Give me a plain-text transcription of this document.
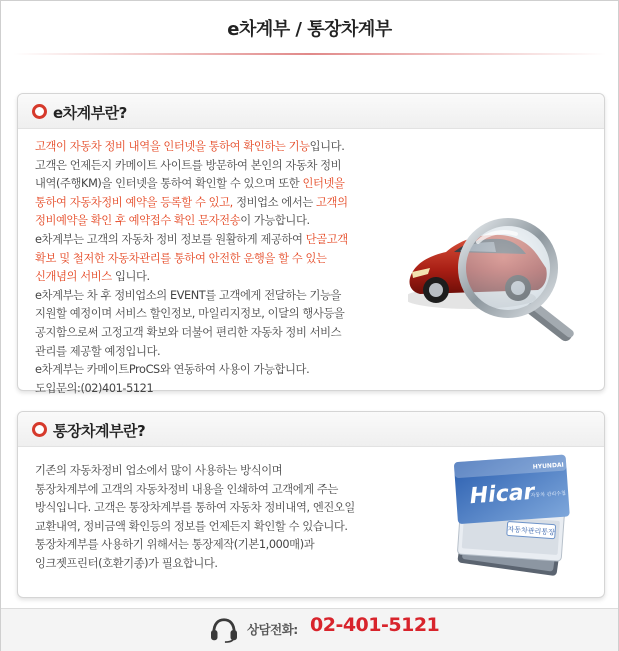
e차계부 / 통장차계부
e차계부란?
고객이 자동차 정비 내역을 인터넷을 통하여 확인하는 기능입니다.
고객은 언제든지 카메이트 사이트를 방문하여 본인의 자동차 정비
내역(주행KM)을 인터넷을 통하여 확인할 수 있으며 또한 인터넷을
통하여 자동차정비 예약을 등록할 수 있고, 정비업소 에서는 고객의
정비예약을 확인 후 예약접수 확인 문자전송이 가능합니다.
e차계부는 고객의 자동차 정비 정보를 원활하게 제공하여 단골고객
확보 및 철저한 자동차관리를 통하여 안전한 운행을 할 수 있는
신개념의 서비스 입니다.
e차계부는 차 후 정비업소의 EVENT를 고객에게 전달하는 기능을
지원할 예정이며 서비스 할인정보, 마일리지정보, 이달의 행사등을
공지함으로써 고정고객 확보와 더불어 편리한 자동차 정비 서비스
관리를 제공할 예정입니다.
e차계부는 카메이트ProCS와 연동하여 사용이 가능합니다.
도입문의:(02)401-5121
통장차계부란?
기존의 자동차정비 업소에서 많이 사용하는 방식이며
통장차계부에 고객의 자동차정비 내용을 인쇄하여 고객에게 주는
방식입니다. 고객은 통장차계부를 통하여 자동차 정비내역, 엔진오일
교환내역, 정비금액 확인등의 정보를 언제든지 확인할 수 있습니다.
통장차계부를 사용하기 위해서는 통장제작(기본1,000매)과
잉크젯프린터(호환기종)가 필요합니다.
자동차관리통장
HYUNDAI
Hicar
자동차 관리수첩
상담전화: 02-401-5121
